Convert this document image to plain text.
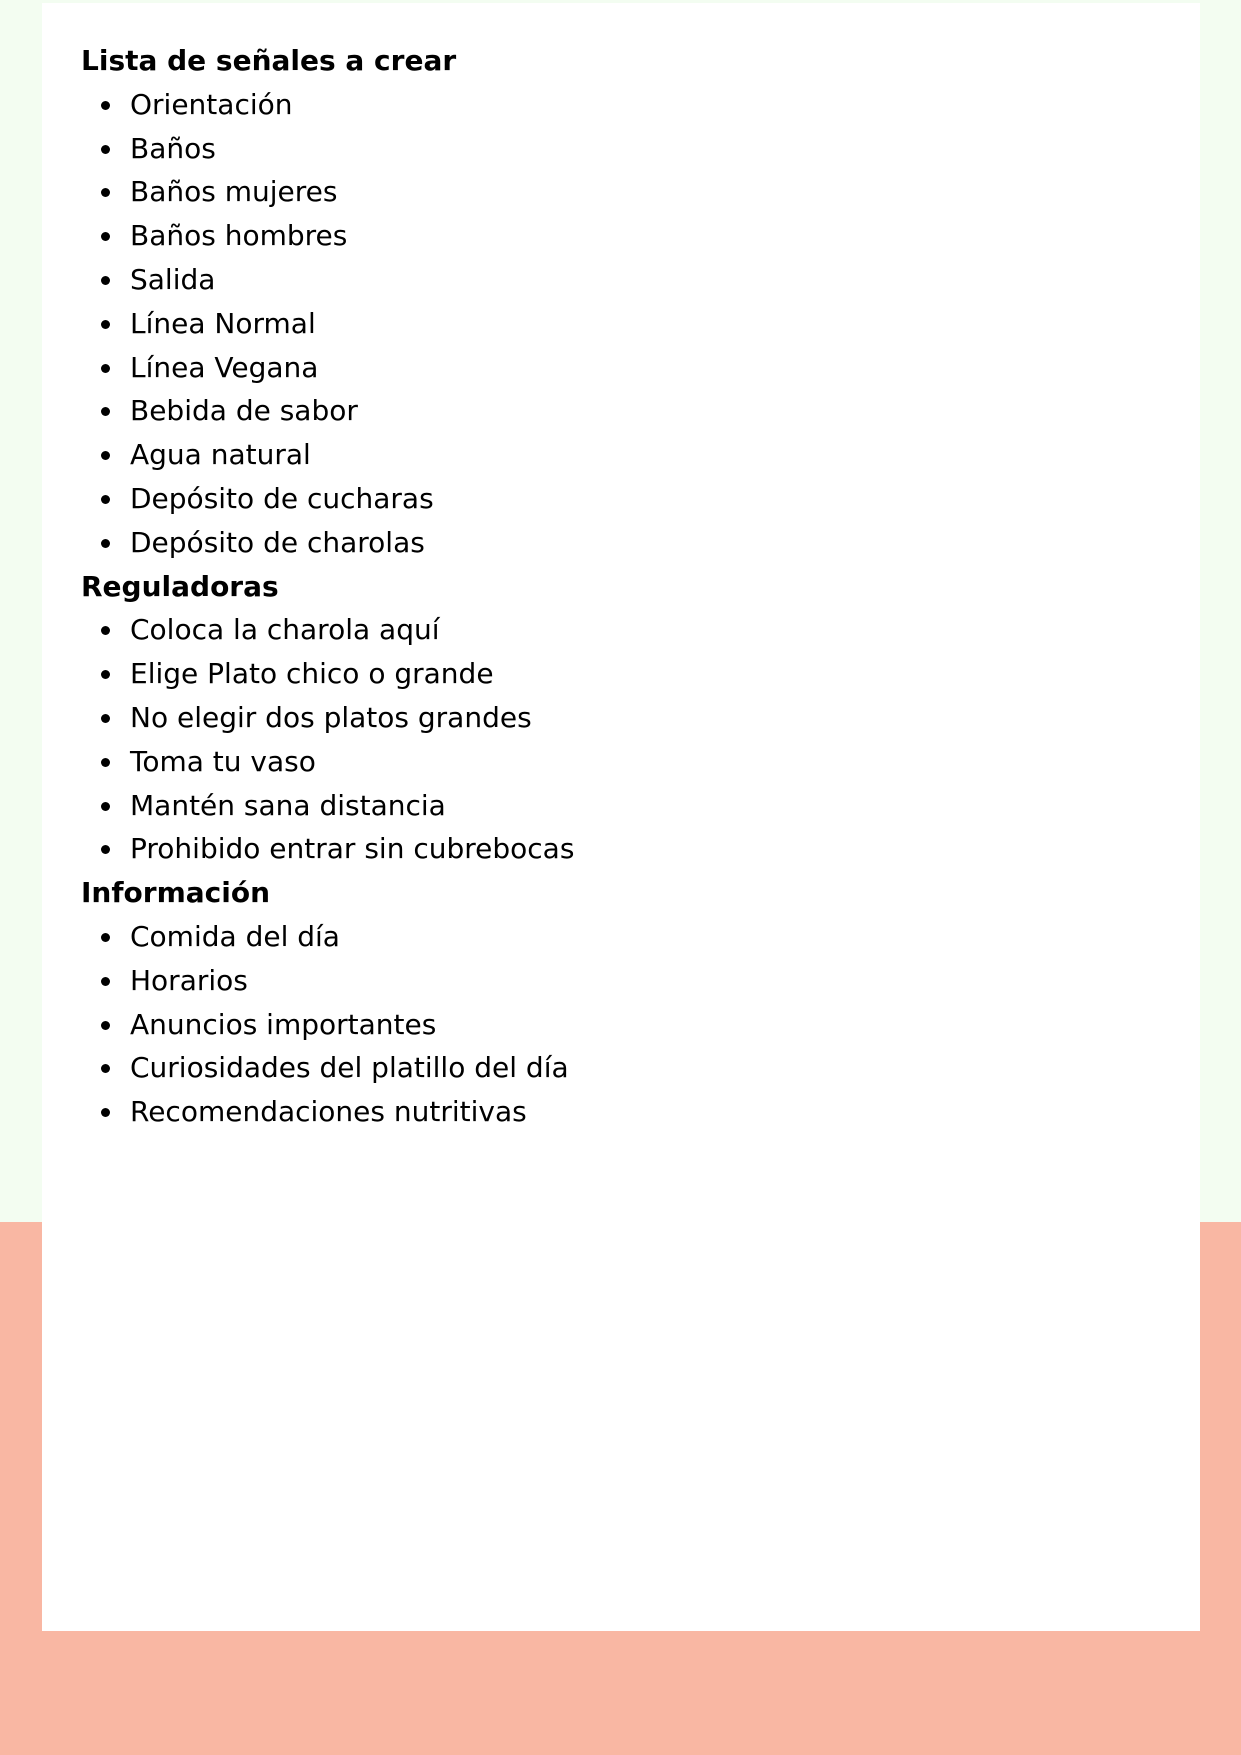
Lista de señales a crear
Orientación
Baños
Baños mujeres
Baños hombres
Salida
Línea Normal
Línea Vegana
Bebida de sabor
Agua natural
Depósito de cucharas
Depósito de charolas
Reguladoras
Coloca la charola aquí
Elige Plato chico o grande
No elegir dos platos grandes
Toma tu vaso
Mantén sana distancia
Prohibido entrar sin cubrebocas
Información
Comida del día
Horarios
Anuncios importantes
Curiosidades del platillo del día
Recomendaciones nutritivas
